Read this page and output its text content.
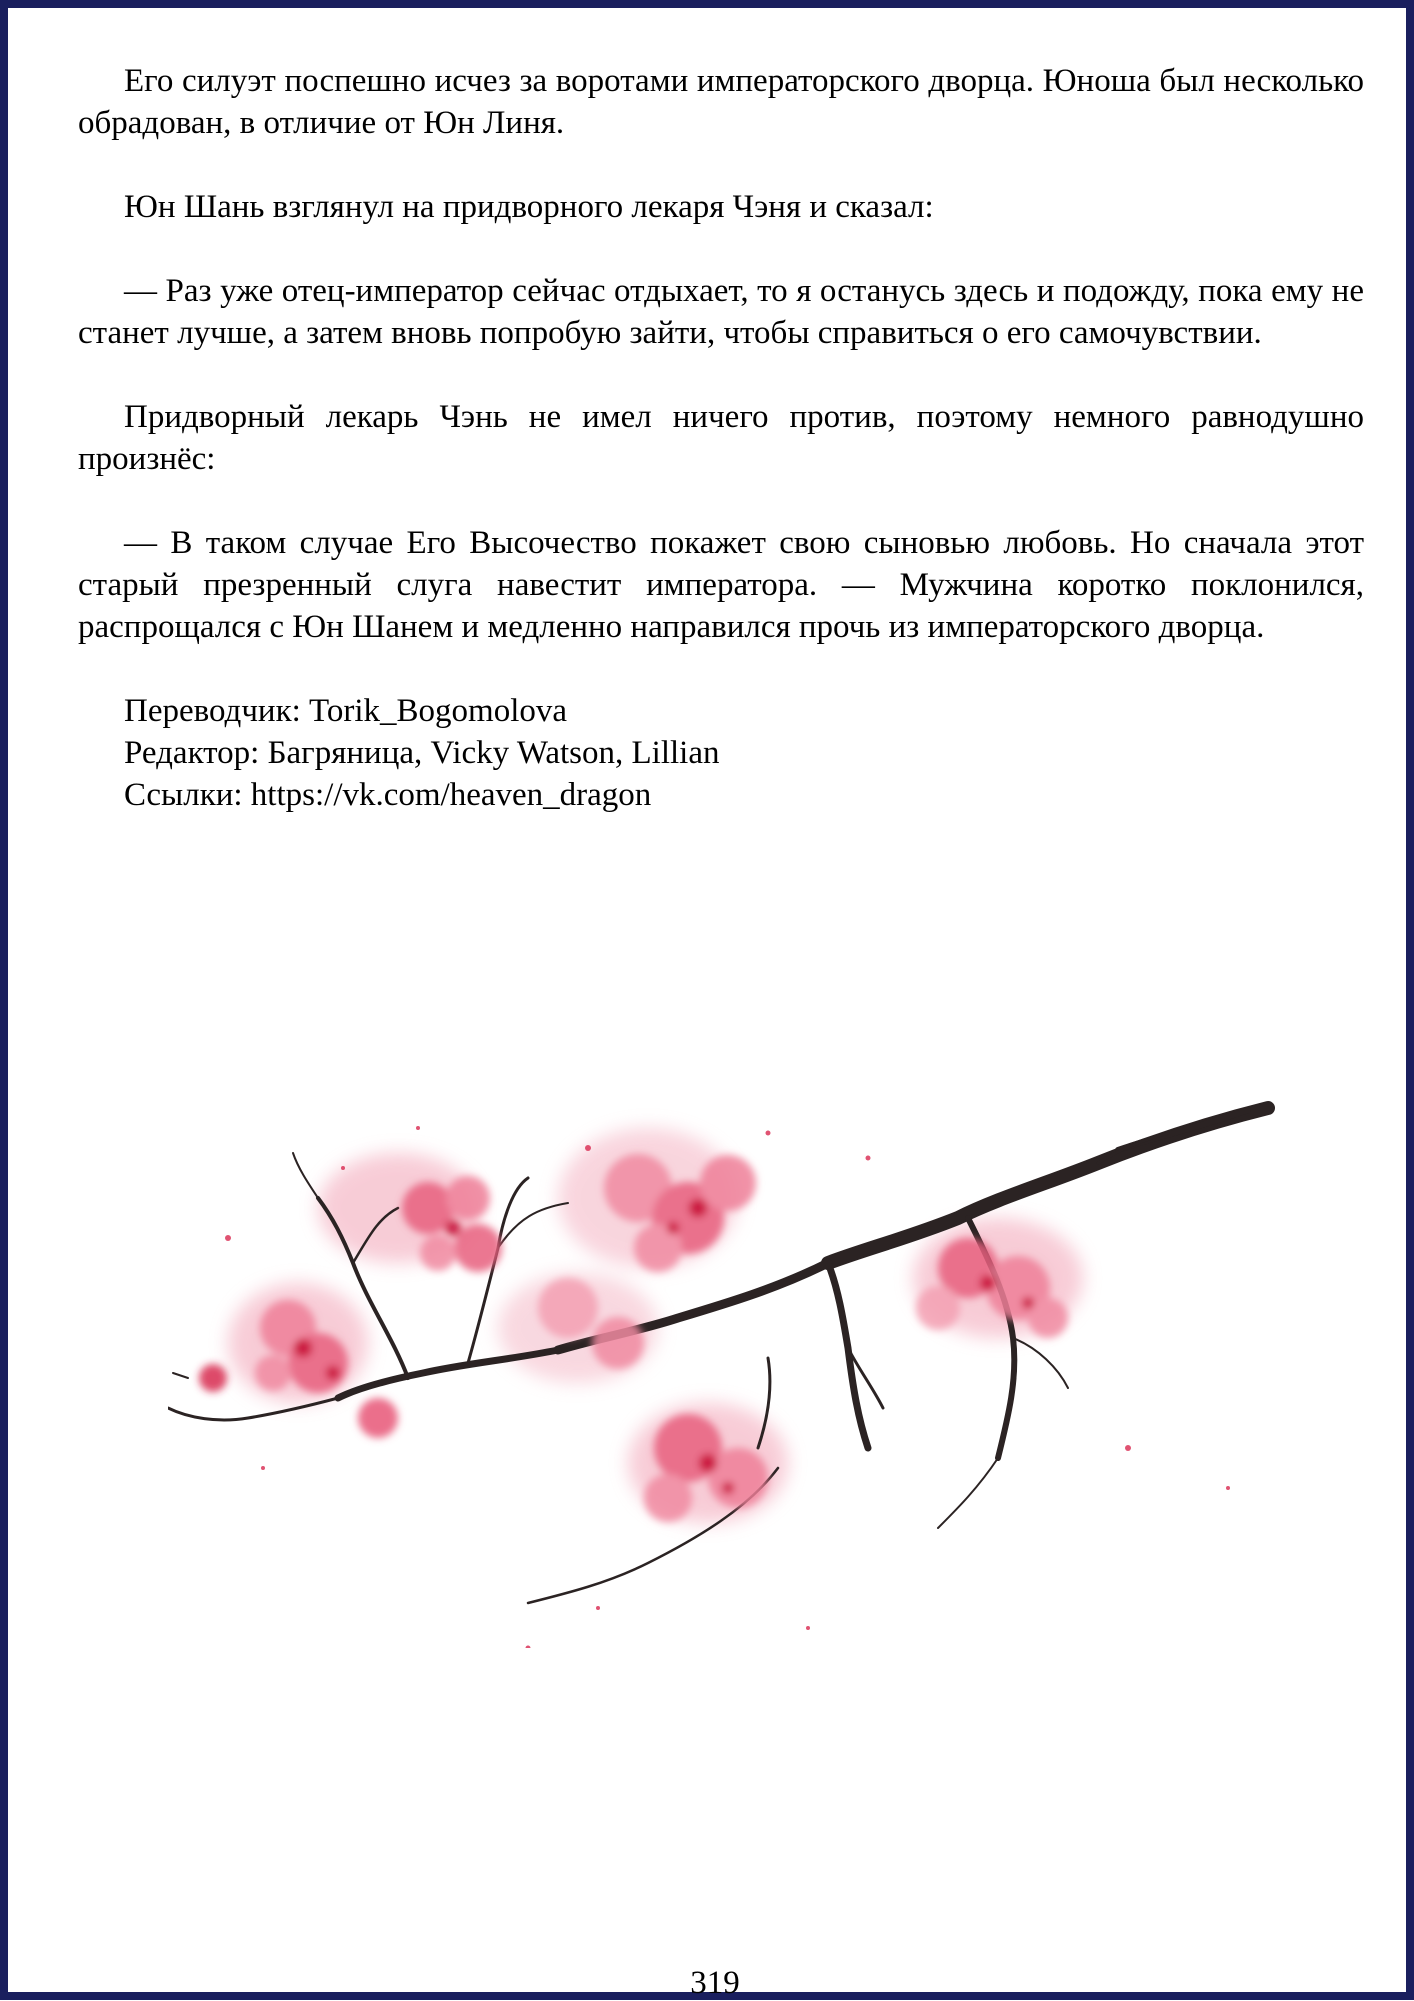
Его силуэт поспешно исчез за воротами императорского дворца. Юноша был несколько обрадован, в отличие от Юн Линя.

Юн Шань взглянул на придворного лекаря Чэня и сказал:

— Раз уже отец-император сейчас отдыхает, то я останусь здесь и подожду, пока ему не станет лучше, а затем вновь попробую зайти, чтобы справиться о его самочувствии.

Придворный лекарь Чэнь не имел ничего против, поэтому немного равнодушно произнёс:

— В таком случае Его Высочество покажет свою сыновью любовь. Но сначала этот старый презренный слуга навестит императора. — Мужчина коротко поклонился, распрощался с Юн Шанем и медленно направился прочь из императорского дворца.

Переводчик: Torik_Bogomolova
Редактор: Багряница, Vicky Watson, Lillian
Ссылки: https://vk.com/heaven_dragon
319
